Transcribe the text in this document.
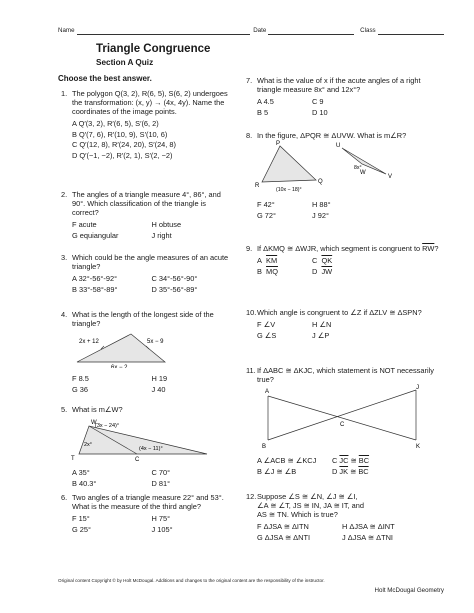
Name	Date	Class
Triangle Congruence
Section A Quiz
Choose the best answer.
1. The polygon Q(3, 2), R(6, 5), S(6, 2) undergoes the transformation: (x, y) → (4x, 4y). Name the coordinates of the image points.
A Q′(3, 2), R′(6, 5), S′(6, 2)
B Q′(7, 6), R′(10, 9), S′(10, 6)
C Q′(12, 8), R′(24, 20), S′(24, 8)
D Q′(−1, −2), R′(2, 1), S′(2, −2)
2. The angles of a triangle measure 4°, 86°, and 90°. Which classification of the triangle is correct?
F acute	H obtuse
G equiangular	J right
3. Which could be the angle measures of an acute triangle?
A 32°-56°-92°	C 34°-56°-90°
B 33°-58°-89°	D 35°-56°-89°
4. What is the length of the longest side of the triangle?
2x + 12	5x − 9
6x − 2
F 8.5	H 19
G 36	J 40
5. What is m∠W?
W
T	C
(3x − 24)°
(4x − 11)°
2x°
A 35°	C 70°
B 40.3°	D 81°
6. Two angles of a triangle measure 22° and 53°. What is the measure of the third angle?
F 15°	H 75°
G 25°	J 105°
7. What is the value of x if the acute angles of a right triangle measure 8x° and 12x°?
A 4.5	C 9
B 5	D 10
8. In the figure, ΔPQR ≅ ΔUVW. What is m∠R?
P
Q
R
U
V
W
(10x − 18)°
8x°
F 42°	H 88°
G 72°	J 92°
9. If ΔKMQ ≅ ΔWJR, which segment is congruent to $\overline{RW}$?
A $\overline{KM}$	C $\overline{QK}$
B $\overline{MQ}$	D $\overline{JW}$
10. Which angle is congruent to ∠Z if ΔZLV ≅ ΔSPN?
F ∠V	H ∠N
G ∠S	J ∠P
11. If ΔABC ≅ ΔKJC, which statement is NOT necessarily true?
A
B
C
J
K
A ∠ACB ≅ ∠KCJ	C $\overline{JC}$ ≅ $\overline{BC}$
B ∠J ≅ ∠B	D $\overline{JK}$ ≅ $\overline{BC}$
12. Suppose ∠S ≅ ∠N, ∠J ≅ ∠I,
∠A ≅ ∠T, JS ≅ IN, JA ≅ IT, and
AS ≅ TN. Which is true?
F ΔJSA ≅ ΔITN	H ΔJSA ≅ ΔINT
G ΔJSA ≅ ΔNTI	J ΔJSA ≅ ΔTNI
Original content Copyright © by Holt McDougal. Additions and changes to the original content are the responsibility of the instructor.
Holt McDougal Geometry
